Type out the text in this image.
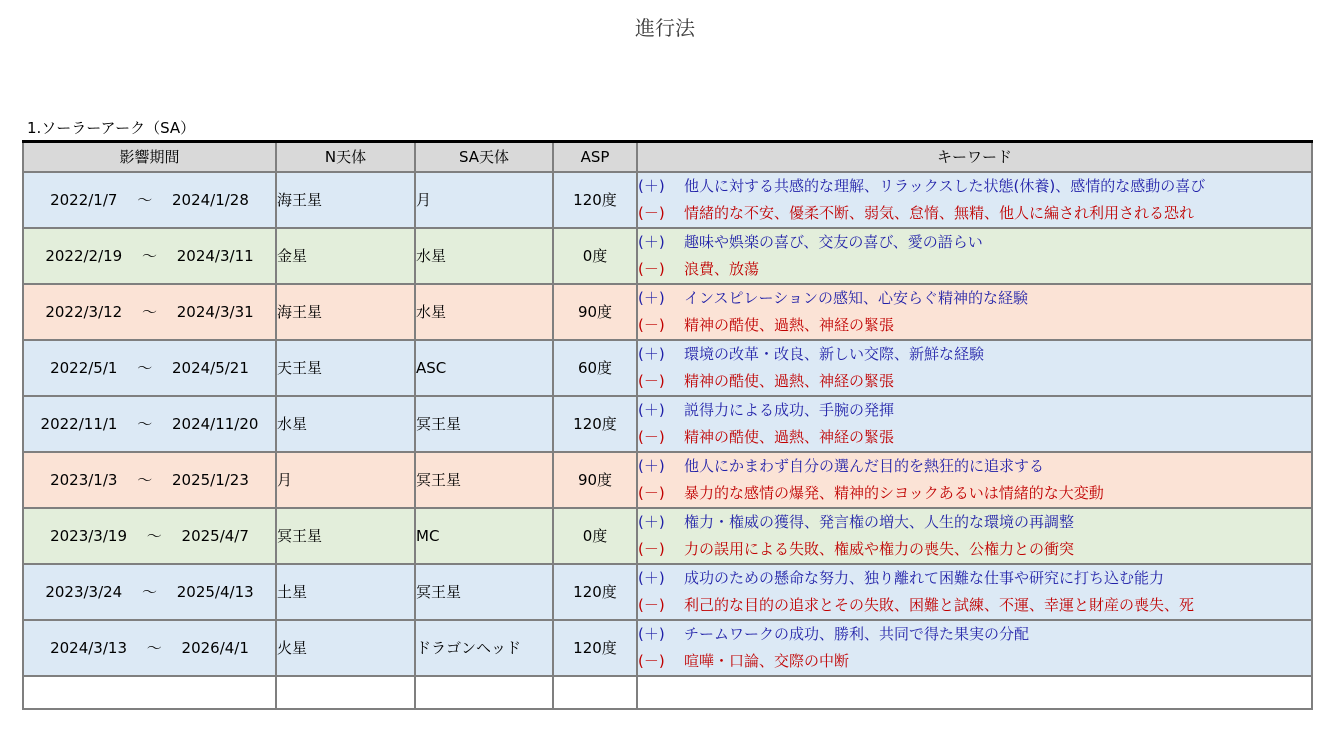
進行法
1.ソーラーアーク（SA）
影響期間	N天体	SA天体	ASP	キーワード
2022/1/7　 ～　 2024/1/28	海王星	月	120度	(＋) 他人に対する共感的な理解、リラックスした状態(休養)、感情的な感動の喜び
(－) 情緒的な不安、優柔不断、弱気、怠惰、無精、他人に編され利用される恐れ

2022/2/19　 ～　 2024/3/11	金星	水星	0度	(＋) 趣味や娯楽の喜び、交友の喜び、愛の語らい
(－) 浪費、放蕩

2022/3/12　 ～　 2024/3/31	海王星	水星	90度	(＋) インスピレーションの感知、心安らぐ精神的な経験
(－) 精神の酷使、過熱、神経の緊張

2022/5/1　 ～　 2024/5/21	天王星	ASC	60度	(＋) 環境の改革・改良、新しい交際、新鮮な経験
(－) 精神の酷使、過熱、神経の緊張

2022/11/1　 ～　 2024/11/20	水星	冥王星	120度	(＋) 説得力による成功、手腕の発揮
(－) 精神の酷使、過熱、神経の緊張

2023/1/3　 ～　 2025/1/23	月	冥王星	90度	(＋) 他人にかまわず自分の選んだ目的を熱狂的に追求する
(－) 暴力的な感情の爆発、精神的シヨックあるいは情緒的な大変動

2023/3/19　 ～　 2025/4/7	冥王星	MC	0度	(＋) 権力・権威の獲得、発言権の増大、人生的な環境の再調整
(－) 力の誤用による失敗、権威や権力の喪失、公権力との衝突

2023/3/24　 ～　 2025/4/13	土星	冥王星	120度	(＋) 成功のための懸命な努力、独り離れて困難な仕事や研究に打ち込む能力
(－) 利己的な目的の追求とその失敗、困難と試練、不運、幸運と財産の喪失、死

2024/3/13　 ～　 2026/4/1	火星	ドラゴンヘッド	120度	(＋) チームワークの成功、勝利、共同で得た果実の分配
(－) 喧嘩・口論、交際の中断
